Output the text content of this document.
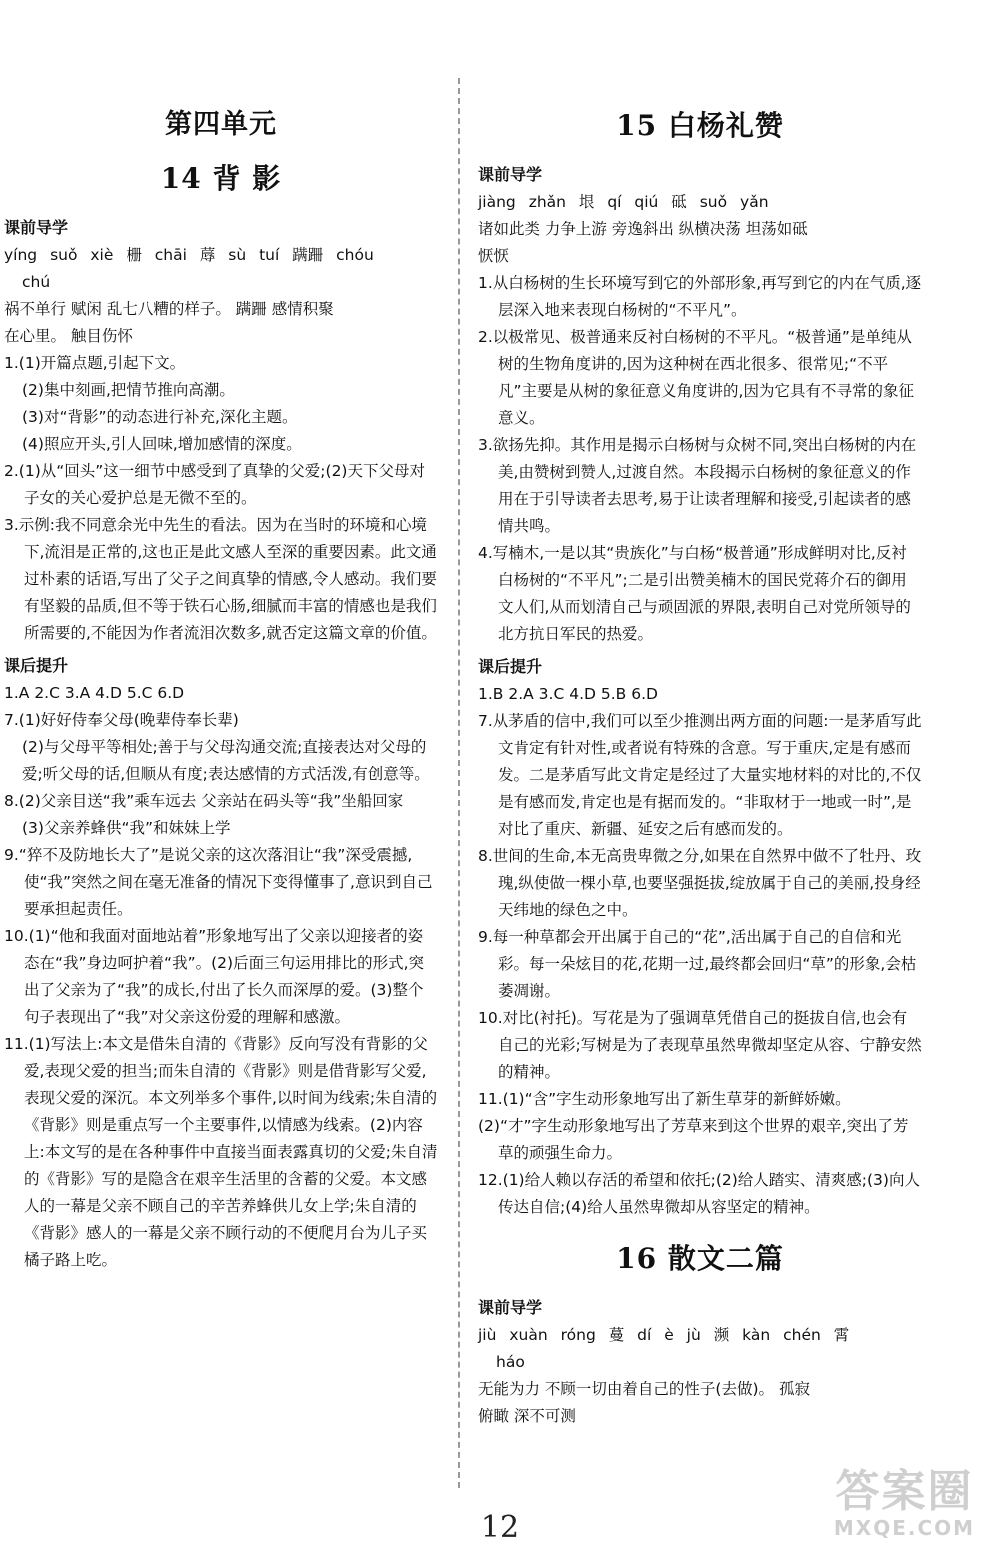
第四单元
14 背 影
课前导学
yíng suǒ xiè 栅 chāi 蓐 sù tuí 蹒跚 chóu
chú
祸不单行 赋闲 乱七八糟的样子。 蹒跚 感情积聚
在心里。 触目伤怀
1.(1)开篇点题,引起下文。
(2)集中刻画,把情节推向高潮。
(3)对“背影”的动态进行补充,深化主题。
(4)照应开头,引人回味,增加感情的深度。
2.(1)从“回头”这一细节中感受到了真挚的父爱;(2)天下父母对子女的关心爱护总是无微不至的。
3.示例:我不同意余光中先生的看法。因为在当时的环境和心境下,流泪是正常的,这也正是此文感人至深的重要因素。此文通过朴素的话语,写出了父子之间真挚的情感,令人感动。我们要有坚毅的品质,但不等于铁石心肠,细腻而丰富的情感也是我们所需要的,不能因为作者流泪次数多,就否定这篇文章的价值。
课后提升
1.A 2.C 3.A 4.D 5.C 6.D
7.(1)好好侍奉父母(晚辈侍奉长辈)
(2)与父母平等相处;善于与父母沟通交流;直接表达对父母的爱;听父母的话,但顺从有度;表达感情的方式活泼,有创意等。
8.(2)父亲目送“我”乘车远去 父亲站在码头等“我”坐船回家
(3)父亲养蜂供“我”和妹妹上学
9.“猝不及防地长大了”是说父亲的这次落泪让“我”深受震撼,使“我”突然之间在毫无准备的情况下变得懂事了,意识到自己要承担起责任。
10.(1)“他和我面对面地站着”形象地写出了父亲以迎接者的姿态在“我”身边呵护着“我”。(2)后面三句运用排比的形式,突出了父亲为了“我”的成长,付出了长久而深厚的爱。(3)整个句子表现出了“我”对父亲这份爱的理解和感激。
11.(1)写法上:本文是借朱自清的《背影》反向写没有背影的父爱,表现父爱的担当;而朱自清的《背影》则是借背影写父爱,表现父爱的深沉。本文列举多个事件,以时间为线索;朱自清的《背影》则是重点写一个主要事件,以情感为线索。(2)内容上:本文写的是在各种事件中直接当面表露真切的父爱;朱自清的《背影》写的是隐含在艰辛生活里的含蓄的父爱。本文感人的一幕是父亲不顾自己的辛苦养蜂供儿女上学;朱自清的《背影》感人的一幕是父亲不顾行动的不便爬月台为儿子买橘子路上吃。
15 白杨礼赞
课前导学
jiàng zhǎn 垠 qí qiú 砥 suǒ yǎn
诸如此类 力争上游 旁逸斜出 纵横决荡 坦荡如砥
恹恹
1.从白杨树的生长环境写到它的外部形象,再写到它的内在气质,逐层深入地来表现白杨树的“不平凡”。
2.以极常见、极普通来反衬白杨树的不平凡。“极普通”是单纯从树的生物角度讲的,因为这种树在西北很多、很常见;“不平凡”主要是从树的象征意义角度讲的,因为它具有不寻常的象征意义。
3.欲扬先抑。其作用是揭示白杨树与众树不同,突出白杨树的内在美,由赞树到赞人,过渡自然。本段揭示白杨树的象征意义的作用在于引导读者去思考,易于让读者理解和接受,引起读者的感情共鸣。
4.写楠木,一是以其“贵族化”与白杨“极普通”形成鲜明对比,反衬白杨树的“不平凡”;二是引出赞美楠木的国民党蒋介石的御用文人们,从而划清自己与顽固派的界限,表明自己对党所领导的北方抗日军民的热爱。
课后提升
1.B 2.A 3.C 4.D 5.B 6.D
7.从茅盾的信中,我们可以至少推测出两方面的问题:一是茅盾写此文肯定有针对性,或者说有特殊的含意。写于重庆,定是有感而发。二是茅盾写此文肯定是经过了大量实地材料的对比的,不仅是有感而发,肯定也是有据而发的。“非取材于一地或一时”,是对比了重庆、新疆、延安之后有感而发的。
8.世间的生命,本无高贵卑微之分,如果在自然界中做不了牡丹、玫瑰,纵使做一棵小草,也要坚强挺拔,绽放属于自己的美丽,投身经天纬地的绿色之中。
9.每一种草都会开出属于自己的“花”,活出属于自己的自信和光彩。每一朵炫目的花,花期一过,最终都会回归“草”的形象,会枯萎凋谢。
10.对比(衬托)。写花是为了强调草凭借自己的挺拔自信,也会有自己的光彩;写树是为了表现草虽然卑微却坚定从容、宁静安然的精神。
11.(1)“含”字生动形象地写出了新生草芽的新鲜娇嫩。
(2)“才”字生动形象地写出了芳草来到这个世界的艰辛,突出了芳草的顽强生命力。
12.(1)给人赖以存活的希望和依托;(2)给人踏实、清爽感;(3)向人传达自信;(4)给人虽然卑微却从容坚定的精神。
16 散文二篇
课前导学
jiù xuàn róng 蔓 dí è jù 濒 kàn chén 霄
háo
无能为力 不顾一切由着自己的性子(去做)。 孤寂
俯瞰 深不可测
12
答案圈
MXQE.COM
